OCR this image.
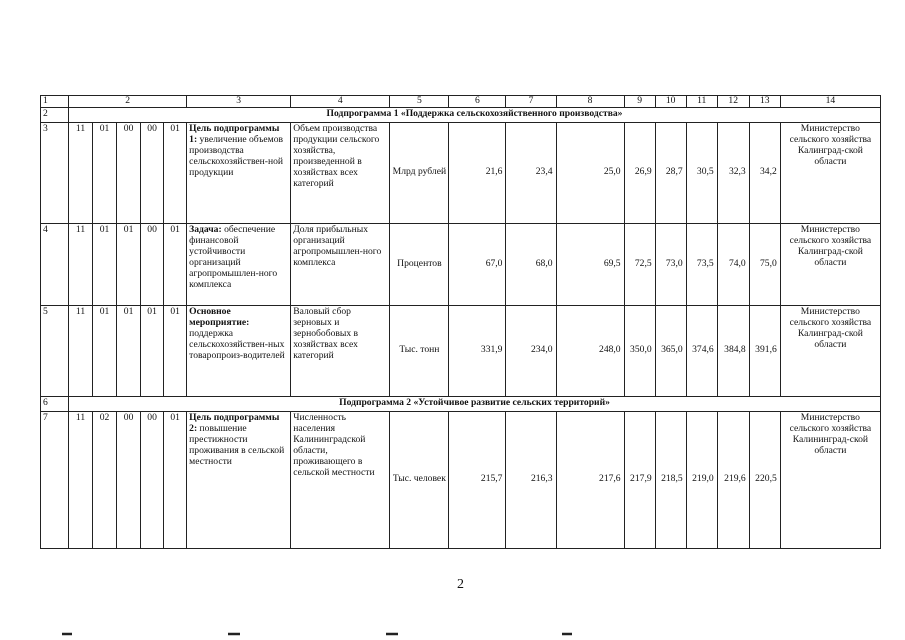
1	2					3	4	5	6	7	8	9	10	11	12	13	14
2	Подпрограмма 1 «Поддержка сельскохозяйственного производства»																
3	11	01	00	00	01	Цель подпрограммы 1: увеличение объемов производства сельскохозяйствен-ной продукции	Объем производства продукции сельского хозяйства, произведенной в хозяйствах всех категорий	Млрд рублей	21,6	23,4	25,0	26,9	28,7	30,5	32,3	34,2	Министерство сельского хозяйства Калинград-ской области
4	11	01	01	00	01	Задача: обеспечение финансовой устойчивости организаций агропромышлен-ного комплекса	Доля прибыльных организаций агропромышлен-ного комплекса	Процентов	67,0	68,0	69,5	72,5	73,0	73,5	74,0	75,0	Министерство сельского хозяйства Калинград-ской области
5	11	01	01	01	01	Основное мероприятие: поддержка сельскохозяйствен-ных товаропроиз-водителей	Валовый сбор зерновых и зернобобовых в хозяйствах всех категорий	Тыс. тонн	331,9	234,0	248,0	350,0	365,0	374,6	384,8	391,6	Министерство сельского хозяйства Калинград-ской области
6	Подпрограмма 2 «Устойчивое развитие сельских территорий»																
7	11	02	00	00	01	Цель подпрограммы 2: повышение престижности проживания в сельской местности	Численность населения Калининградской области, проживающего в сельской местности	Тыс. человек	215,7	216,3	217,6	217,9	218,5	219,0	219,6	220,5	Министерство сельского хозяйства Калининград-ской области
2
